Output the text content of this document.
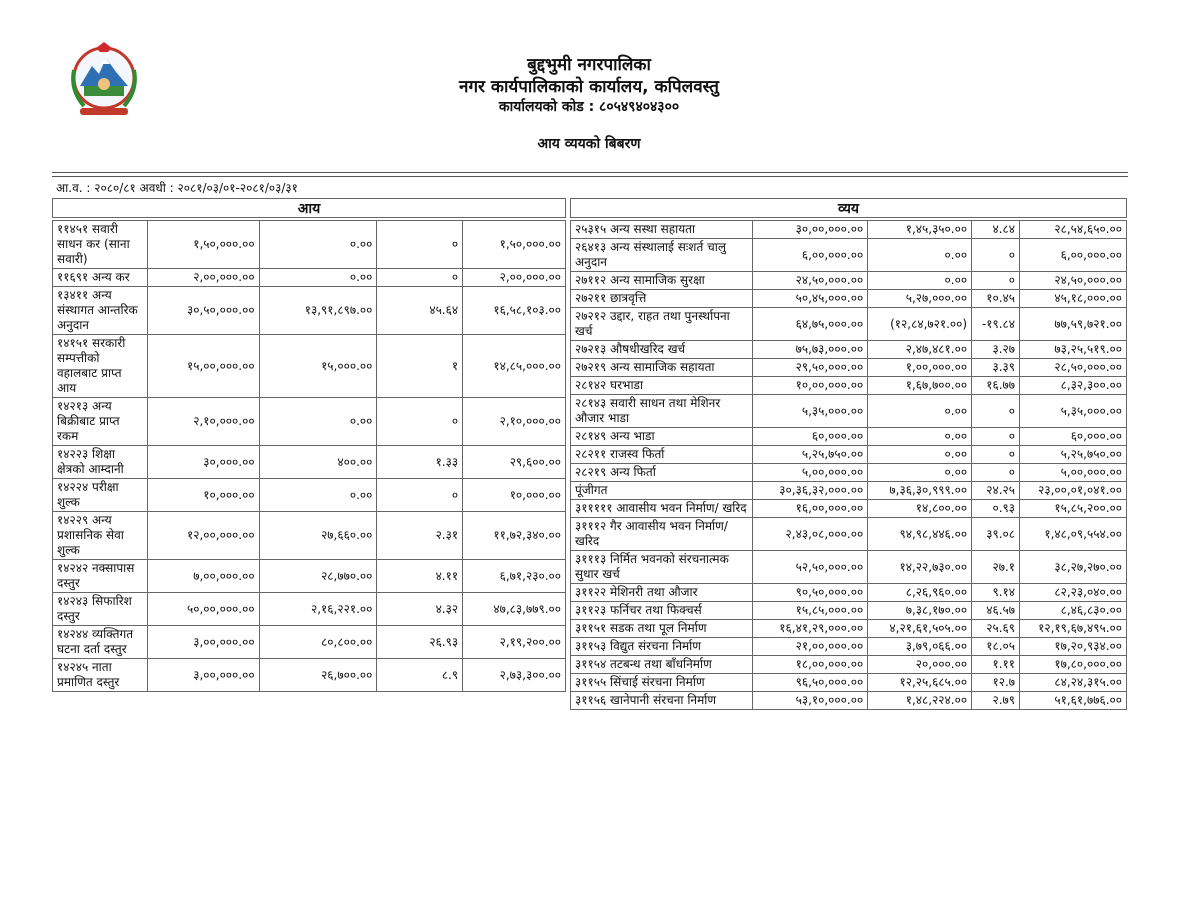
बुद्दभुमी नगरपालिका
नगर कार्यपालिकाको कार्यालय, कपिलवस्तु
कार्यालयको कोड : ८०५४९४०४३००
आय व्ययको बिबरण
आ.व. : २०८०/८१ अवधी : २०८१/०३/०१-२०८१/०३/३१
आय	व्यय
११४५१ सवारी साधन कर (साना सवारी)	१,५०,०००.००	०.००	०	१,५०,०००.००
११६९१ अन्य कर	२,००,०००.००	०.००	०	२,००,०००.००
१३४११ अन्य संस्थागत आन्तरिक अनुदान	३०,५०,०००.००	१३,९१,८९७.००	४५.६४	१६,५८,१०३.००
१४१५१ सरकारी सम्पत्तीको वहालबाट प्राप्त आय	१५,००,०००.००	१५,०००.००	१	१४,८५,०००.००
१४२१३ अन्य बिक्रीबाट प्राप्त रकम	२,१०,०००.००	०.००	०	२,१०,०००.००
१४२२३ शिक्षा क्षेत्रको आम्दानी	३०,०००.००	४००.००	१.३३	२९,६००.००
१४२२४ परीक्षा शुल्क	१०,०००.००	०.००	०	१०,०००.००
१४२२९ अन्य प्रशासनिक सेवा शुल्क	१२,००,०००.००	२७,६६०.००	२.३१	११,७२,३४०.००
१४२४२ नक्सापास दस्तुर	७,००,०००.००	२८,७७०.००	४.११	६,७१,२३०.००
१४२४३ सिफारिश दस्तुर	५०,००,०००.००	२,१६,२२१.००	४.३२	४७,८३,७७९.००
१४२४४ व्यक्तिगत घटना दर्ता दस्तुर	३,००,०००.००	८०,८००.००	२६.९३	२,१९,२००.००
१४२४५ नाता प्रमाणित दस्तुर	३,००,०००.००	२६,७००.००	८.९	२,७३,३००.००
२५३१५ अन्य सस्था सहायता	३०,००,०००.००	१,४५,३५०.००	४.८४	२८,५४,६५०.००
२६४१३ अन्य संस्थालाई सःशर्त चालु अनुदान	६,००,०००.००	०.००	०	६,००,०००.००
२७११२ अन्य सामाजिक सुरक्षा	२४,५०,०००.००	०.००	०	२४,५०,०००.००
२७२११ छात्रवृत्ति	५०,४५,०००.००	५,२७,०००.००	१०.४५	४५,१८,०००.००
२७२१२ उद्दार, राहत तथा पुनर्स्थापना खर्च	६४,७५,०००.००	(१२,८४,७२१.००)	-१९.८४	७७,५९,७२१.००
२७२१३ औषधीखरिद खर्च	७५,७३,०००.००	२,४७,४८१.००	३.२७	७३,२५,५१९.००
२७२१९ अन्य सामाजिक सहायता	२९,५०,०००.००	१,००,०००.००	३.३९	२८,५०,०००.००
२८१४२ घरभाडा	१०,००,०००.००	१,६७,७००.००	१६.७७	८,३२,३००.००
२८१४३ सवारी साधन तथा मेशिनर औजार भाडा	५,३५,०००.००	०.००	०	५,३५,०००.००
२८१४९ अन्य भाडा	६०,०००.००	०.००	०	६०,०००.००
२८२११ राजस्व फिर्ता	५,२५,७५०.००	०.००	०	५,२५,७५०.००
२८२१९ अन्य फिर्ता	५,००,०००.००	०.००	०	५,००,०००.००
पूंजीगत	३०,३६,३२,०००.००	७,३६,३०,९९९.००	२४.२५	२३,००,०१,०४१.००
३१११११ आवासीय भवन निर्माण/ खरिद	१६,००,०००.००	१४,८००.००	०.९३	१५,८५,२००.००
३१११२ गैर आवासीय भवन निर्माण/ खरिद	२,४३,०८,०००.००	९४,९८,४४६.००	३९.०८	१,४८,०९,५५४.००
३१११३ निर्मित भवनको संरचनात्मक सुधार खर्च	५२,५०,०००.००	१४,२२,७३०.००	२७.१	३८,२७,२७०.००
३११२२ मेशिनरी तथा औजार	९०,५०,०००.००	८,२६,९६०.००	९.१४	८२,२३,०४०.००
३११२३ फर्निचर तथा फिक्चर्स	१५,८५,०००.००	७,३८,१७०.००	४६.५७	८,४६,८३०.००
३११५१ सडक तथा पूल निर्माण	१६,४१,२९,०००.००	४,२१,६१,५०५.००	२५.६९	१२,१९,६७,४९५.००
३११५३ विद्युत संरचना निर्माण	२१,००,०००.००	३,७९,०६६.००	१८.०५	१७,२०,९३४.००
३११५४ तटबन्ध तथा बाँधनिर्माण	१८,००,०००.००	२०,०००.००	१.११	१७,८०,०००.००
३११५५ सिंचाई संरचना निर्माण	९६,५०,०००.००	१२,२५,६८५.००	१२.७	८४,२४,३१५.००
३११५६ खानेपानी संरचना निर्माण	५३,१०,०००.००	१,४८,२२४.००	२.७९	५१,६१,७७६.००
